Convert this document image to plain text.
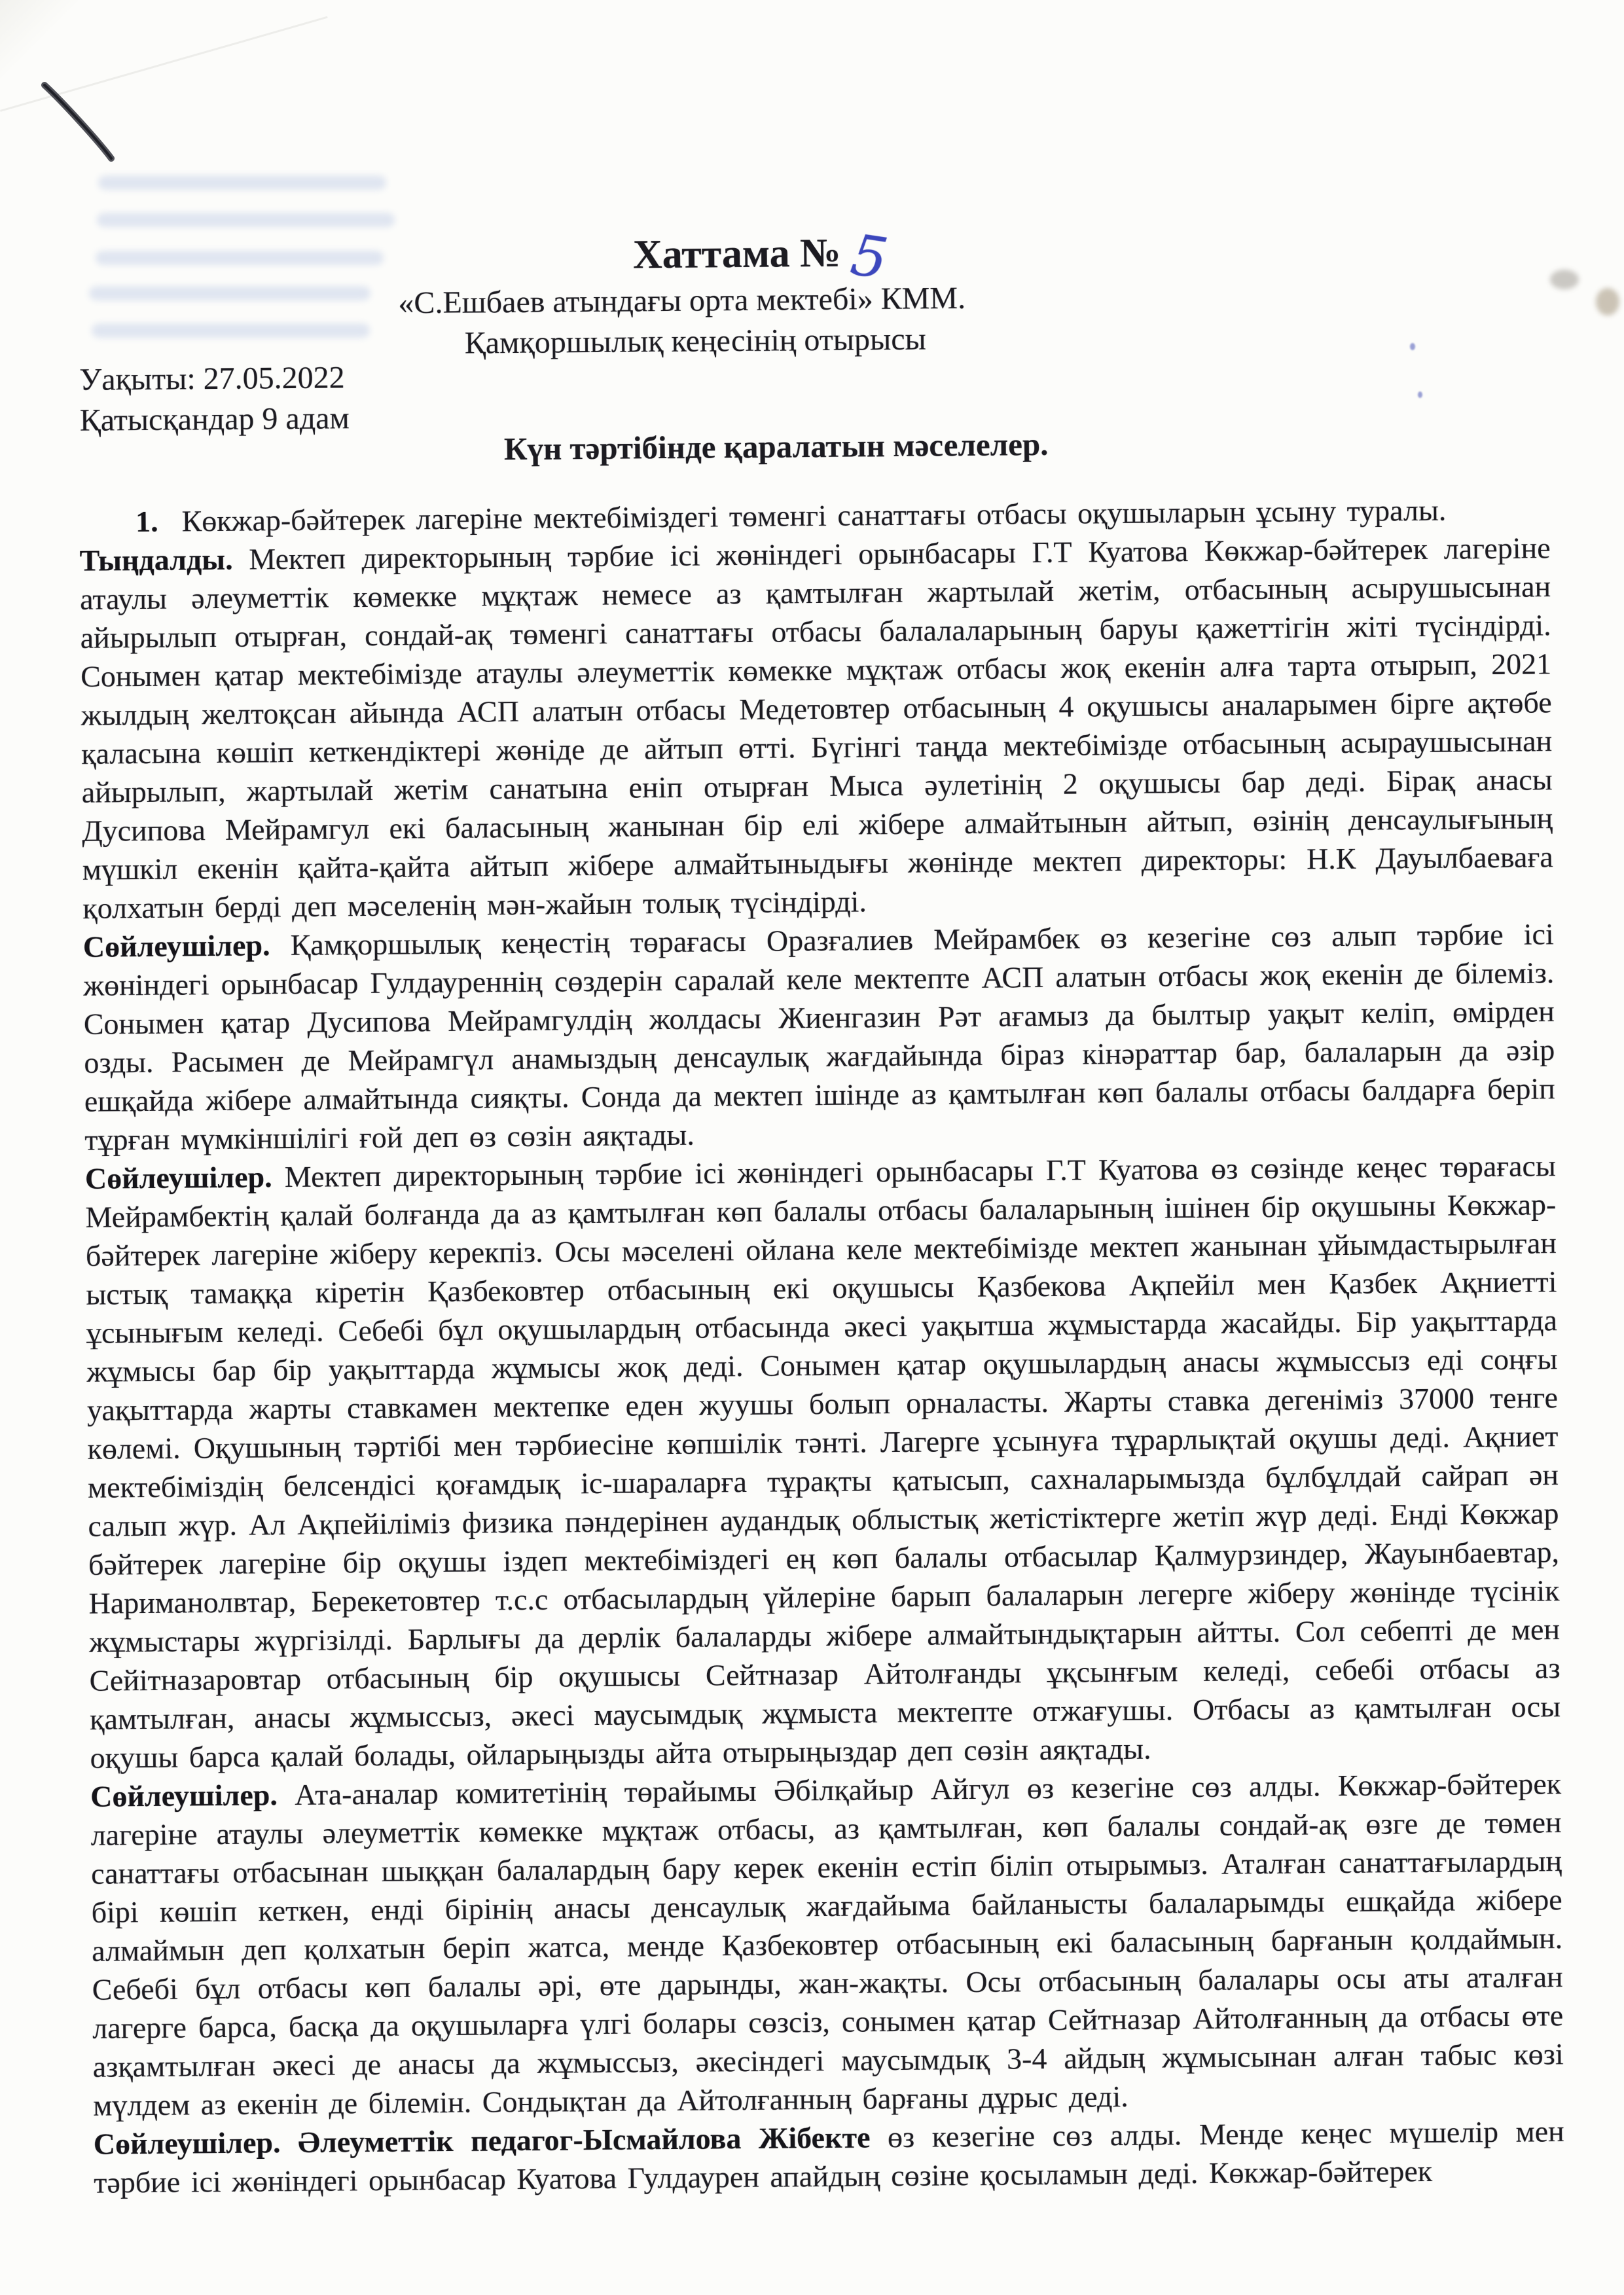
Хаттама № 5
«С.Ешбаев атындағы орта мектебі» КММ.
Қамқоршылық кеңесінің отырысы
Уақыты: 27.05.2022
Қатысқандар 9 адам
Күн тәртібінде қаралатын мәселелер.

1. Көкжар-бәйтерек лагеріне мектебіміздегі төменгі санаттағы отбасы оқушыларын ұсыну туралы.

Тыңдалды. Мектеп директорының тәрбие ісі жөніндегі орынбасары Г.Т Куатова Көкжар-бәйтерек лагеріне атаулы әлеуметтік көмекке мұқтаж немесе аз қамтылған жартылай жетім, отбасының асырушысынан айырылып отырған, сондай-ақ төменгі санаттағы отбасы балалаларының баруы қажеттігін жіті түсіндірді. Сонымен қатар мектебімізде атаулы әлеуметтік көмекке мұқтаж отбасы жоқ екенін алға тарта отырып, 2021 жылдың желтоқсан айында АСП алатын отбасы Медетовтер отбасының 4 оқушысы аналарымен бірге ақтөбе қаласына көшіп кеткендіктері жөніде де айтып өтті. Бүгінгі таңда мектебімізде отбасының асыраушысынан айырылып, жартылай жетім санатына еніп отырған Мыса әулетінің 2 оқушысы бар деді. Бірақ анасы Дусипова Мейрамгул екі баласының жанынан бір елі жібере алмайтынын айтып, өзінің денсаулығының мүшкіл екенін қайта-қайта айтып жібере алмайтыныдығы жөнінде мектеп директоры: Н.К Дауылбаеваға қолхатын берді деп мәселенің мән-жайын толық түсіндірді.

Сөйлеушілер. Қамқоршылық кеңестің төрағасы Оразғалиев Мейрамбек өз кезегіне сөз алып тәрбие ісі жөніндегі орынбасар Гулдауреннің сөздерін саралай келе мектепте АСП алатын отбасы жоқ екенін де білеміз. Сонымен қатар Дусипова Мейрамгулдің жолдасы Жиенгазин Рәт ағамыз да былтыр уақыт келіп, өмірден озды. Расымен де Мейрамгүл анамыздың денсаулық жағдайында біраз кінәраттар бар, балаларын да әзір ешқайда жібере алмайтында сияқты. Сонда да мектеп ішінде аз қамтылған көп балалы отбасы балдарға беріп тұрған мүмкіншілігі ғой деп өз сөзін аяқтады.

Сөйлеушілер. Мектеп директорының тәрбие ісі жөніндегі орынбасары Г.Т Куатова өз сөзінде кеңес төрағасы Мейрамбектің қалай болғанда да аз қамтылған көп балалы отбасы балаларының ішінен бір оқушыны Көкжар-бәйтерек лагеріне жіберу керекпіз. Осы мәселені ойлана келе мектебімізде мектеп жанынан ұйымдастырылған ыстық тамаққа кіретін Қазбековтер отбасының екі оқушысы Қазбекова Ақпейіл мен Қазбек Ақниетті ұсынығым келеді. Себебі бұл оқушылардың отбасында әкесі уақытша жұмыстарда жасайды. Бір уақыттарда жұмысы бар бір уақыттарда жұмысы жоқ деді. Сонымен қатар оқушылардың анасы жұмыссыз еді соңғы уақыттарда жарты ставкамен мектепке еден жуушы болып орналасты. Жарты ставка дегеніміз 37000 тенге көлемі. Оқушының тәртібі мен тәрбиесіне көпшілік тәнті. Лагерге ұсынуға тұрарлықтай оқушы деді. Ақниет мектебіміздің белсендісі қоғамдық іс-шараларға тұрақты қатысып, сахналарымызда бұлбұлдай сайрап ән салып жүр. Ал Ақпейіліміз физика пәндерінен аудандық облыстық жетістіктерге жетіп жүр деді. Енді Көкжар бәйтерек лагеріне бір оқушы іздеп мектебіміздегі ең көп балалы отбасылар Қалмурзиндер, Жауынбаевтар, Нариманолвтар, Берекетовтер т.с.с отбасылардың үйлеріне барып балаларын легерге жіберу жөнінде түсінік жұмыстары жүргізілді. Барлығы да дерлік балаларды жібере алмайтындықтарын айтты. Сол себепті де мен Сейітназаровтар отбасының бір оқушысы Сейтназар Айтолғанды ұқсынғым келеді, себебі отбасы аз қамтылған, анасы жұмыссыз, әкесі маусымдық жұмыста мектепте отжағушы. Отбасы аз қамтылған осы оқушы барса қалай болады, ойларыңызды айта отырыңыздар деп сөзін аяқтады.

Сөйлеушілер. Ата-аналар комитетінің төрайымы Әбілқайыр Айгул өз кезегіне сөз алды. Көкжар-бәйтерек лагеріне атаулы әлеуметтік көмекке мұқтаж отбасы, аз қамтылған, көп балалы сондай-ақ өзге де төмен санаттағы отбасынан шыққан балалардың бару керек екенін естіп біліп отырымыз. Аталған санаттағылардың бірі көшіп кеткен, енді бірінің анасы денсаулық жағдайыма байланысты балаларымды ешқайда жібере алмаймын деп қолхатын беріп жатса, менде Қазбековтер отбасының екі баласының барғанын қолдаймын. Себебі бұл отбасы көп балалы әрі, өте дарынды, жан-жақты. Осы отбасының балалары осы аты аталған лагерге барса, басқа да оқушыларға үлгі болары сөзсіз, сонымен қатар Сейтназар Айтолғанның да отбасы өте азқамтылған әкесі де анасы да жұмыссыз, әкесіндегі маусымдық 3-4 айдың жұмысынан алған табыс көзі мүлдем аз екенін де білемін. Сондықтан да Айтолғанның барғаны дұрыс деді.

Сөйлеушілер. Әлеуметтік педагог-Ысмайлова Жібекте өз кезегіне сөз алды. Менде кеңес мүшелір мен тәрбие ісі жөніндегі орынбасар Куатова Гулдаурен апайдың сөзіне қосыламын деді. Көкжар-бәйтерек
